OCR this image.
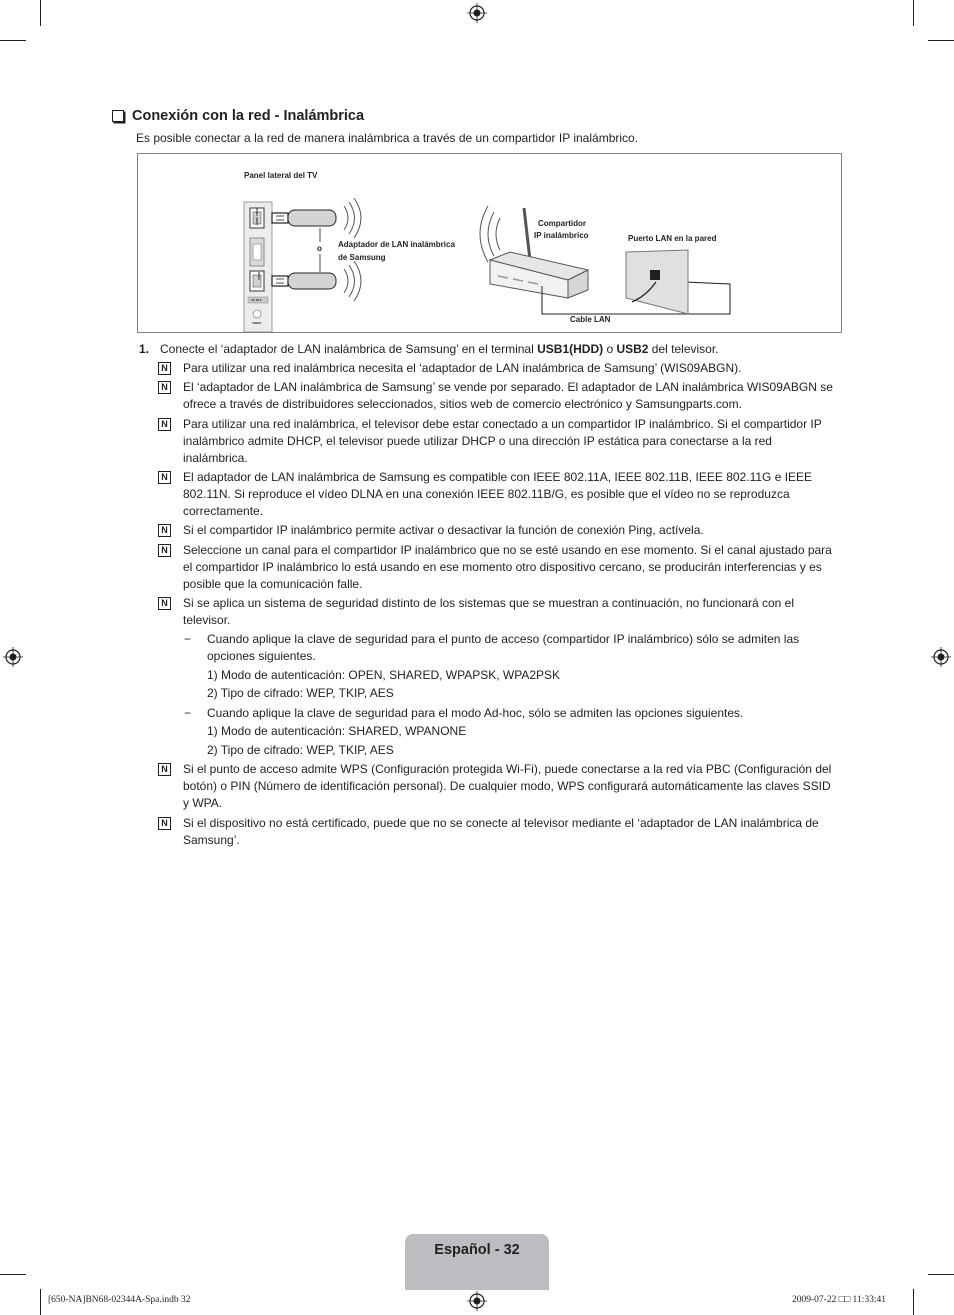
Conexión con la red - Inalámbrica
Es posible conectar a la red de manera inalámbrica a través de un compartidor IP inalámbrico.
Panel lateral del TV
Adaptador de LAN inalámbrica
de Samsung
o
Compartidor
IP inalámbrico	Puerto LAN en la pared
Cable LAN
USB1 (HDD)
USB2
AV IN 2
VIDEO
1. Conecte el ‘adaptador de LAN inalámbrica de Samsung’ en el terminal USB1(HDD) o USB2 del televisor.
N Para utilizar una red inalámbrica necesita el ‘adaptador de LAN inalámbrica de Samsung’ (WIS09ABGN).
N El ‘adaptador de LAN inalámbrica de Samsung’ se vende por separado. El adaptador de LAN inalámbrica WIS09ABGN se ofrece a través de distribuidores seleccionados, sitios web de comercio electrónico y Samsungparts.com.
N Para utilizar una red inalámbrica, el televisor debe estar conectado a un compartidor IP inalámbrico. Si el compartidor IP inalámbrico admite DHCP, el televisor puede utilizar DHCP o una dirección IP estática para conectarse a la red inalámbrica.
N El adaptador de LAN inalámbrica de Samsung es compatible con IEEE 802.11A, IEEE 802.11B, IEEE 802.11G e IEEE 802.11N. Si reproduce el vídeo DLNA en una conexión IEEE 802.11B/G, es posible que el vídeo no se reproduzca correctamente.
N Si el compartidor IP inalámbrico permite activar o desactivar la función de conexión Ping, actívela.
N Seleccione un canal para el compartidor IP inalámbrico que no se esté usando en ese momento. Si el canal ajustado para el compartidor IP inalámbrico lo está usando en ese momento otro dispositivo cercano, se producirán interferencias y es posible que la comunicación falle.
N Si se aplica un sistema de seguridad distinto de los sistemas que se muestran a continuación, no funcionará con el televisor.
− Cuando aplique la clave de seguridad para el punto de acceso (compartidor IP inalámbrico) sólo se admiten las opciones siguientes.
1) Modo de autenticación: OPEN, SHARED, WPAPSK, WPA2PSK
2) Tipo de cifrado: WEP, TKIP, AES
− Cuando aplique la clave de seguridad para el modo Ad-hoc, sólo se admiten las opciones siguientes.
1) Modo de autenticación: SHARED, WPANONE
2) Tipo de cifrado: WEP, TKIP, AES
N Si el punto de acceso admite WPS (Configuración protegida Wi-Fi), puede conectarse a la red vía PBC (Configuración del botón) o PIN (Número de identificación personal). De cualquier modo, WPS configurará automáticamente las claves SSID y WPA.
N Si el dispositivo no está certificado, puede que no se conecte al televisor mediante el ‘adaptador de LAN inalámbrica de Samsung’.
Español - 32
[650-NA]BN68-02344A-Spa.indb 32	2009-07-22 □□ 11:33:41
